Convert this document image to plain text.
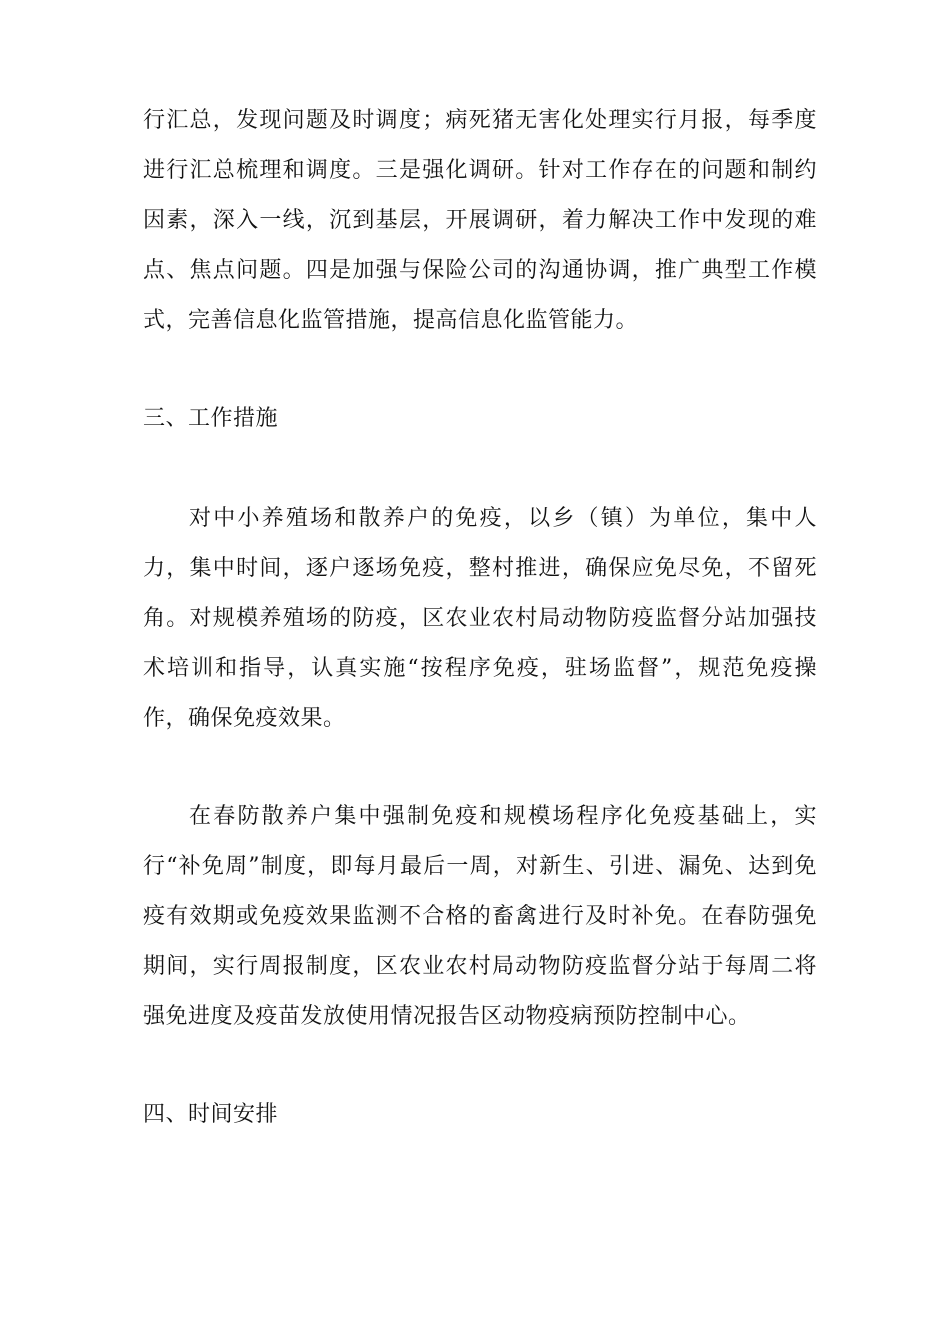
行汇总，发现问题及时调度；病死猪无害化处理实行月报，每季度进行汇总梳理和调度。三是强化调研。针对工作存在的问题和制约因素，深入一线，沉到基层，开展调研，着力解决工作中发现的难点、焦点问题。四是加强与保险公司的沟通协调，推广典型工作模式，完善信息化监管措施，提高信息化监管能力。

三、工作措施

对中小养殖场和散养户的免疫，以乡（镇）为单位，集中人力，集中时间，逐户逐场免疫，整村推进，确保应免尽免，不留死角。对规模养殖场的防疫，区农业农村局动物防疫监督分站加强技术培训和指导，认真实施“按程序免疫，驻场监督”，规范免疫操作，确保免疫效果。

在春防散养户集中强制免疫和规模场程序化免疫基础上，实行“补免周”制度，即每月最后一周，对新生、引进、漏免、达到免疫有效期或免疫效果监测不合格的畜禽进行及时补免。在春防强免期间，实行周报制度，区农业农村局动物防疫监督分站于每周二将强免进度及疫苗发放使用情况报告区动物疫病预防控制中心。

四、时间安排
